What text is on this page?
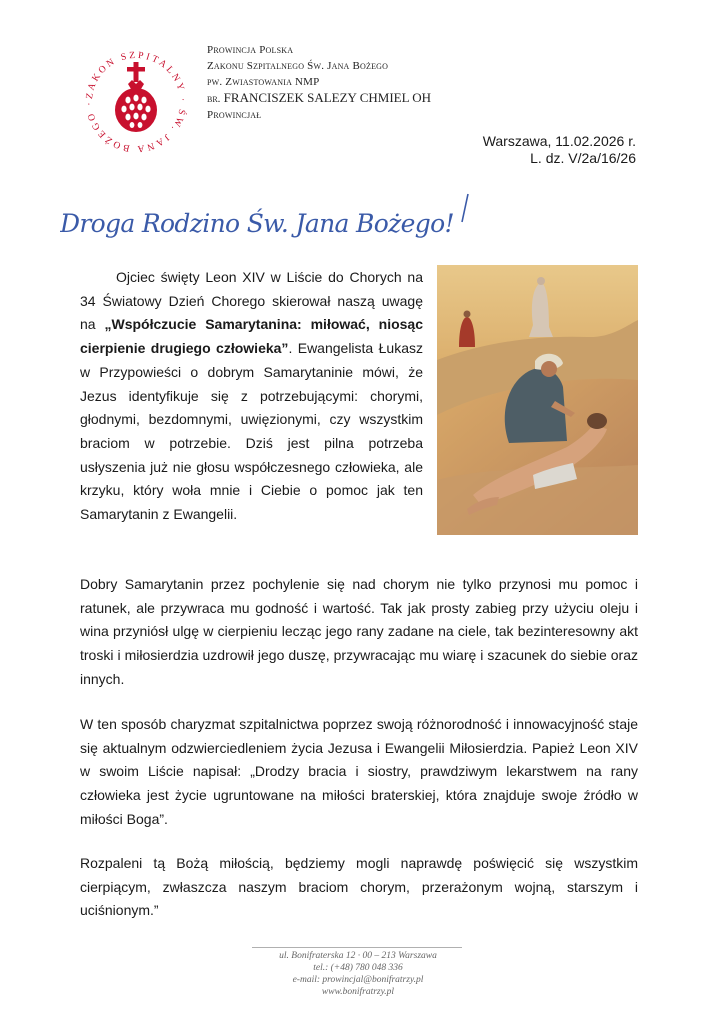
ZAKON SZPITALNY · ŚW. JANA BOŻEGO ·
Prowincja Polska
Zakonu Szpitalnego Św. Jana Bożego
pw. Zwiastowania NMP
br. FRANCISZEK SALEZY CHMIEL OH
Prowincjał
Warszawa, 11.02.2026 r.
L. dz. V/2a/16/26
Droga Rodzino Św. Jana Bożego!
Ojciec święty Leon XIV w Liście do Chorych na 34 Światowy Dzień Chorego skierował naszą uwagę na „Współczucie Samarytanina: miłować, niosąc cierpienie drugiego człowieka”. Ewangelista Łukasz w Przypowieści o dobrym Samarytaninie mówi, że Jezus identyfikuje się z potrzebującymi: chorymi, głodnymi, bezdomnymi, uwięzionymi, czy wszystkim braciom w potrzebie. Dziś jest pilna potrzeba usłyszenia już nie głosu współczesnego człowieka, ale krzyku, który woła mnie i Ciebie o pomoc jak ten Samarytanin z Ewangelii.
Dobry Samarytanin przez pochylenie się nad chorym nie tylko przynosi mu pomoc i ratunek, ale przywraca mu godność i wartość. Tak jak prosty zabieg przy użyciu oleju i wina przyniósł ulgę w cierpieniu lecząc jego rany zadane na ciele, tak bezinteresowny akt troski i miłosierdzia uzdrowił jego duszę, przywracając mu wiarę i szacunek do siebie oraz innych.
W ten sposób charyzmat szpitalnictwa poprzez swoją różnorodność i innowacyjność staje się aktualnym odzwierciedleniem życia Jezusa i Ewangelii Miłosierdzia. Papież Leon XIV w swoim Liście napisał: „Drodzy bracia i siostry, prawdziwym lekarstwem na rany człowieka jest życie ugruntowane na miłości braterskiej, która znajduje swoje źródło w miłości Boga”.
Rozpaleni tą Bożą miłością, będziemy mogli naprawdę poświęcić się wszystkim cierpiącym, zwłaszcza naszym braciom chorym, przerażonym wojną, starszym i uciśnionym.”
ul. Bonifraterska 12 · 00 – 213 Warszawa
tel.: (+48) 780 048 336
e-mail: prowincjal@bonifratrzy.pl
www.bonifratrzy.pl
